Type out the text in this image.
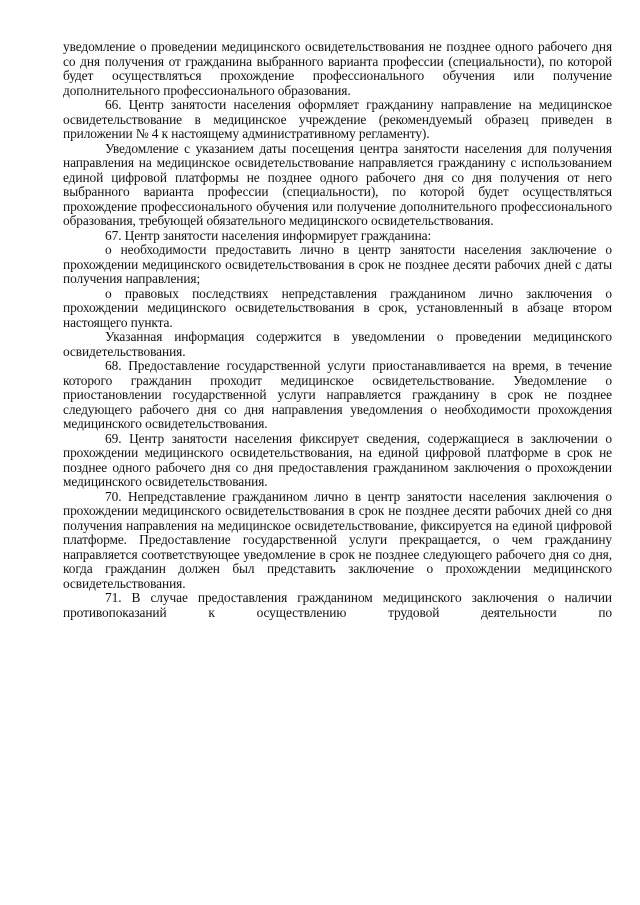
уведомление о проведении медицинского освидетельствования не позднее одного рабочего дня со дня получения от гражданина выбранного варианта профессии (специальности), по которой будет осуществляться прохождение профессионального обучения или получение дополнительного профессионального образования.

66. Центр занятости населения оформляет гражданину направление на медицинское освидетельствование в медицинское учреждение (рекомендуемый образец приведен в приложении № 4 к настоящему административному регламенту).

Уведомление с указанием даты посещения центра занятости населения для получения направления на медицинское освидетельствование направляется гражданину с использованием единой цифровой платформы не позднее одного рабочего дня со дня получения от него выбранного варианта профессии (специальности), по которой будет осуществляться прохождение профессионального обучения или получение дополнительного профессионального образования, требующей обязательного медицинского освидетельствования.

67. Центр занятости населения информирует гражданина:

о необходимости предоставить лично в центр занятости населения заключение о прохождении медицинского освидетельствования в срок не позднее десяти рабочих дней с даты получения направления;

о правовых последствиях непредставления гражданином лично заключения о прохождении медицинского освидетельствования в срок, установленный в абзаце втором настоящего пункта.

Указанная информация содержится в уведомлении о проведении медицинского освидетельствования.

68. Предоставление государственной услуги приостанавливается на время, в течение которого гражданин проходит медицинское освидетельствование. Уведомление о приостановлении государственной услуги направляется гражданину в срок не позднее следующего рабочего дня со дня направления уведомления о необходимости прохождения медицинского освидетельствования.

69. Центр занятости населения фиксирует сведения, содержащиеся в заключении о прохождении медицинского освидетельствования, на единой цифровой платформе в срок не позднее одного рабочего дня со дня предоставления гражданином заключения о прохождении медицинского освидетельствования.

70. Непредставление гражданином лично в центр занятости населения заключения о прохождении медицинского освидетельствования в срок не позднее десяти рабочих дней со дня получения направления на медицинское освидетельствование, фиксируется на единой цифровой платформе. Предоставление государственной услуги прекращается, о чем гражданину направляется соответствующее уведомление в срок не позднее следующего рабочего дня со дня, когда гражданин должен был представить заключение о прохождении медицинского освидетельствования.

71. В случае предоставления гражданином медицинского заключения о наличии противопоказаний к осуществлению трудовой деятельности по
